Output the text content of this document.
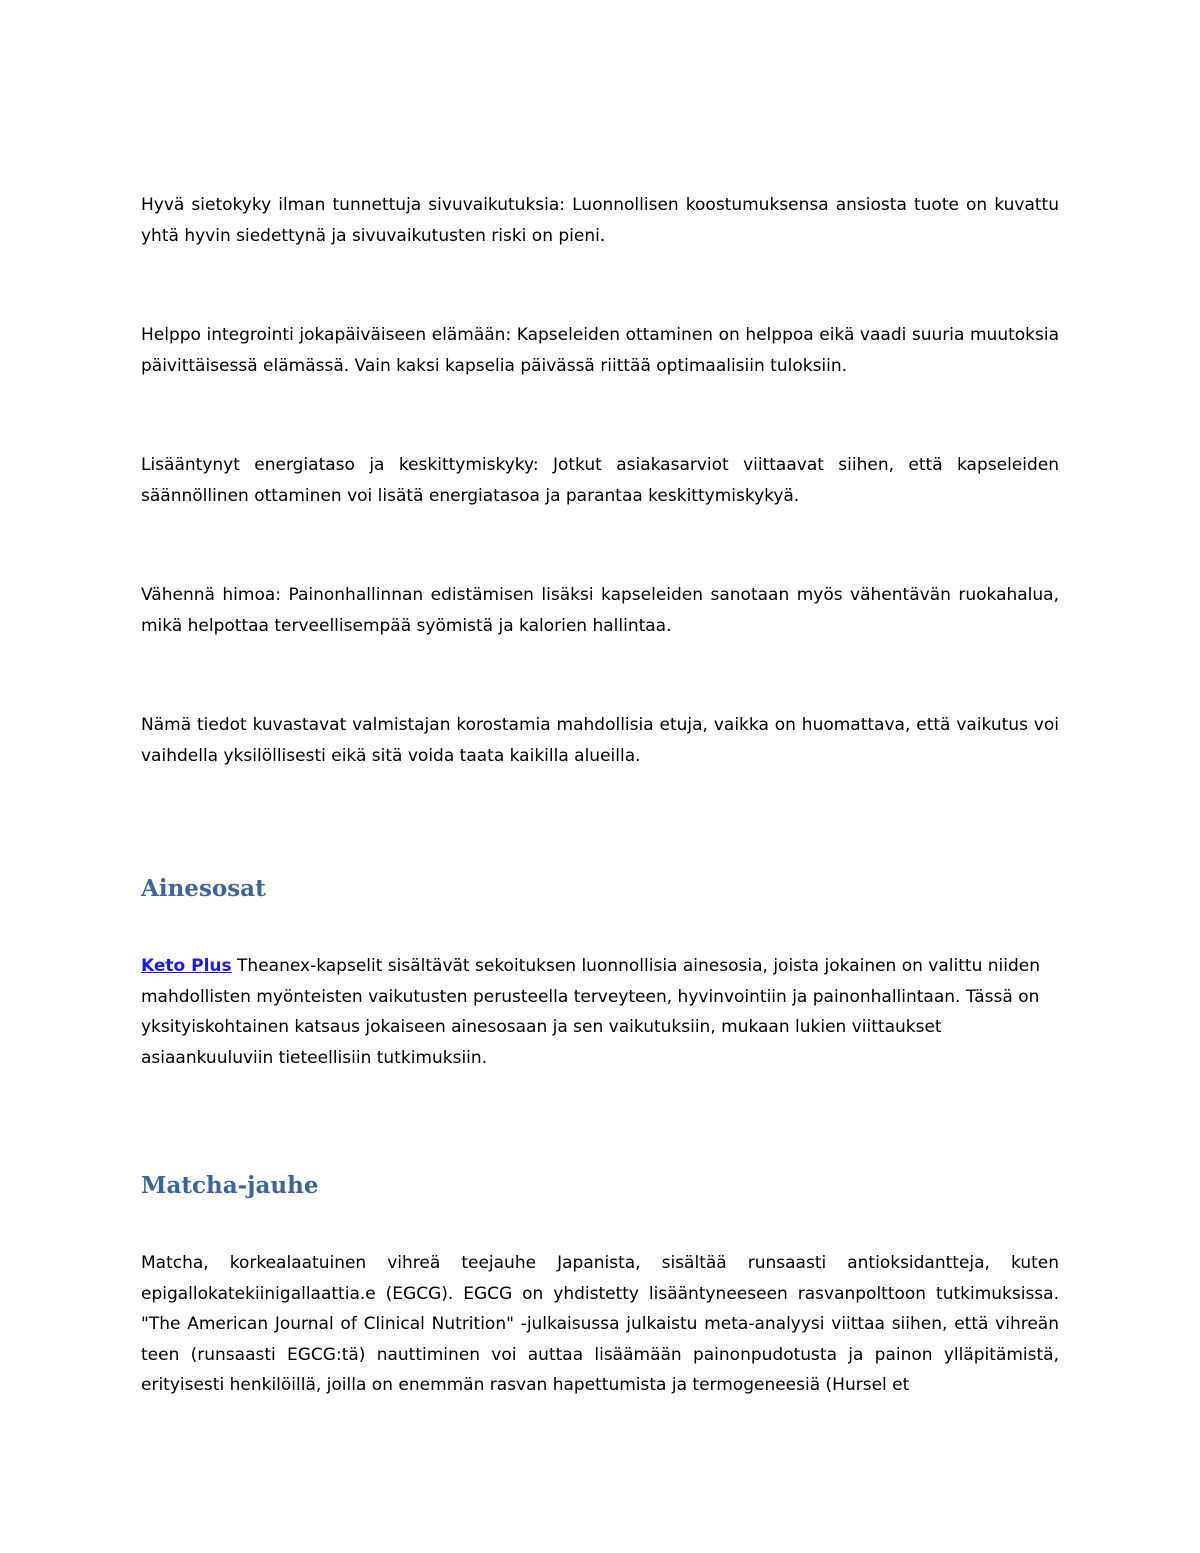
Hyvä sietokyky ilman tunnettuja sivuvaikutuksia: Luonnollisen koostumuksensa ansiosta tuote on kuvattu yhtä hyvin siedettynä ja sivuvaikutusten riski on pieni.

Helppo integrointi jokapäiväiseen elämään: Kapseleiden ottaminen on helppoa eikä vaadi suuria muutoksia päivittäisessä elämässä. Vain kaksi kapselia päivässä riittää optimaalisiin tuloksiin.

Lisääntynyt energiataso ja keskittymiskyky: Jotkut asiakasarviot viittaavat siihen, että kapseleiden säännöllinen ottaminen voi lisätä energiatasoa ja parantaa keskittymiskykyä.

Vähennä himoa: Painonhallinnan edistämisen lisäksi kapseleiden sanotaan myös vähentävän ruokahalua, mikä helpottaa terveellisempää syömistä ja kalorien hallintaa.

Nämä tiedot kuvastavat valmistajan korostamia mahdollisia etuja, vaikka on huomattava, että vaikutus voi vaihdella yksilöllisesti eikä sitä voida taata kaikilla alueilla.

Ainesosat

Keto Plus Theanex-kapselit sisältävät sekoituksen luonnollisia ainesosia, joista jokainen on valittu niiden mahdollisten myönteisten vaikutusten perusteella terveyteen, hyvinvointiin ja painonhallintaan. Tässä on yksityiskohtainen katsaus jokaiseen ainesosaan ja sen vaikutuksiin, mukaan lukien viittaukset asiaankuuluviin tieteellisiin tutkimuksiin.

Matcha-jauhe

Matcha, korkealaatuinen vihreä teejauhe Japanista, sisältää runsaasti antioksidantteja, kuten epigallokatekiinigallaattia.e (EGCG). EGCG on yhdistetty lisääntyneeseen rasvanpolttoon tutkimuksissa. "The American Journal of Clinical Nutrition" -julkaisussa julkaistu meta-analyysi viittaa siihen, että vihreän teen (runsaasti EGCG:tä) nauttiminen voi auttaa lisäämään painonpudotusta ja painon ylläpitämistä, erityisesti henkilöillä, joilla on enemmän rasvan hapettumista ja termogeneesiä (Hursel et
